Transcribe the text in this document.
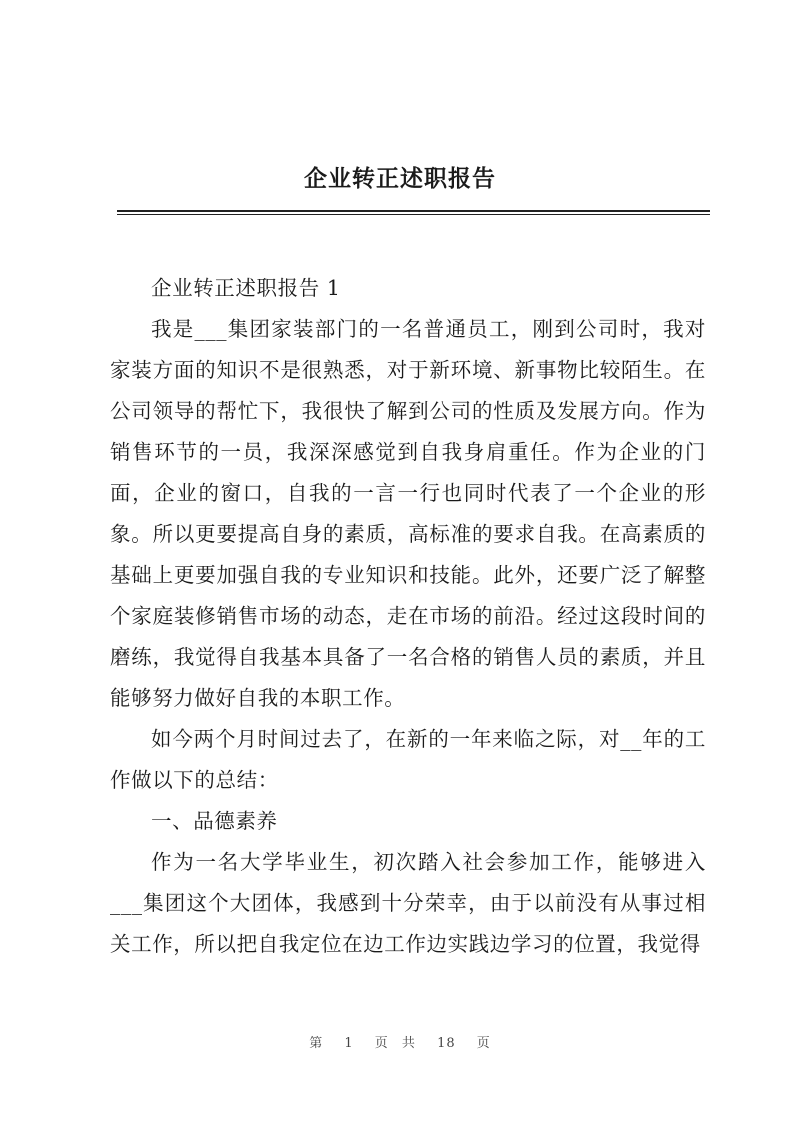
企业转正述职报告

企业转正述职报告 1

我是___集团家装部门的一名普通员工，刚到公司时，我对家装方面的知识不是很熟悉，对于新环境、新事物比较陌生。在公司领导的帮忙下，我很快了解到公司的性质及发展方向。作为销售环节的一员，我深深感觉到自我身肩重任。作为企业的门面，企业的窗口，自我的一言一行也同时代表了一个企业的形象。所以更要提高自身的素质，高标准的要求自我。在高素质的基础上更要加强自我的专业知识和技能。此外，还要广泛了解整个家庭装修销售市场的动态，走在市场的前沿。经过这段时间的磨练，我觉得自我基本具备了一名合格的销售人员的素质，并且能够努力做好自我的本职工作。

如今两个月时间过去了，在新的一年来临之际，对__年的工作做以下的总结：

一、品德素养

作为一名大学毕业生，初次踏入社会参加工作，能够进入___集团这个大团体，我感到十分荣幸，由于以前没有从事过相关工作，所以把自我定位在边工作边实践边学习的位置，我觉得

第 1 页 共 18 页
